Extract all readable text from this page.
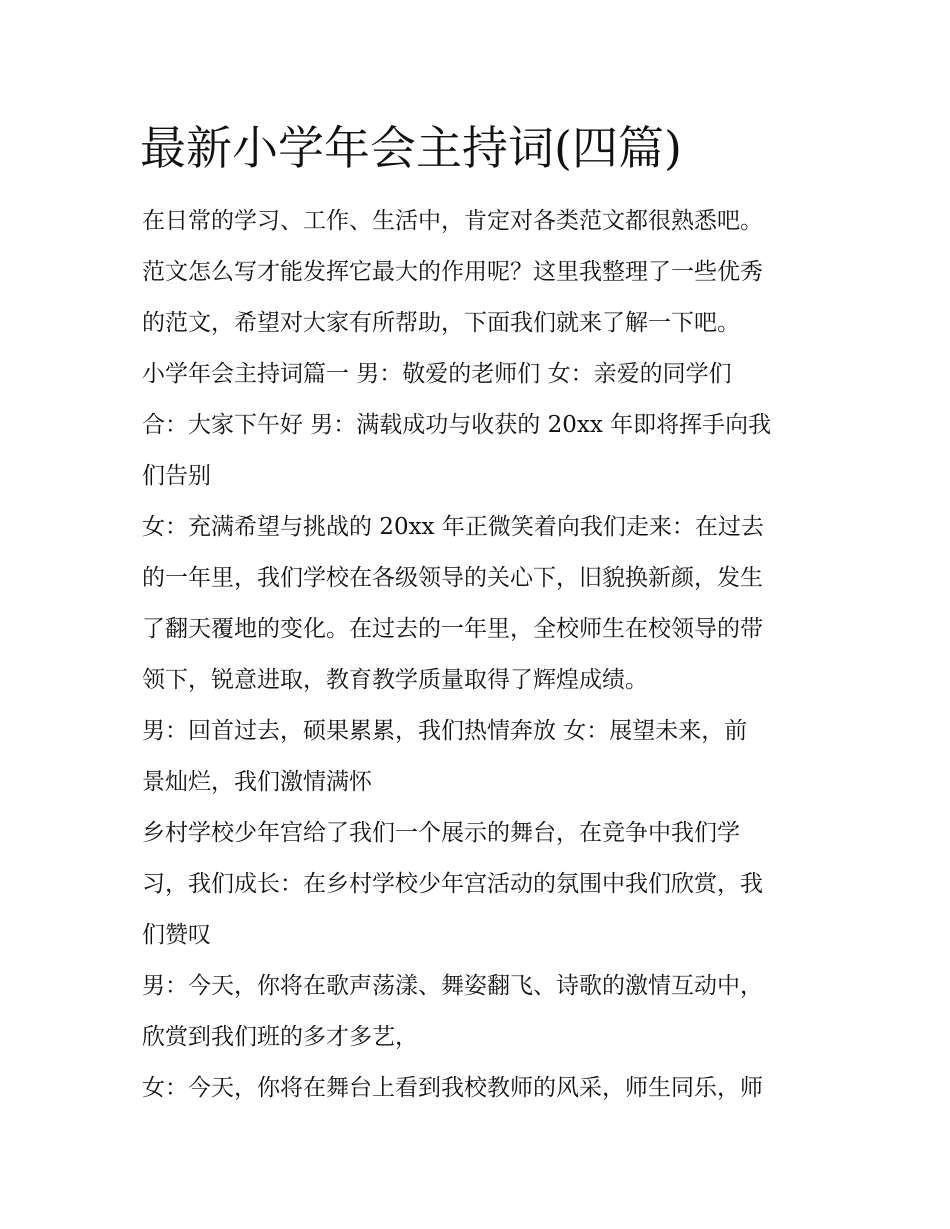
最新小学年会主持词(四篇)
在日常的学习、工作、生活中，肯定对各类范文都很熟悉吧。
范文怎么写才能发挥它最大的作用呢？这里我整理了一些优秀
的范文，希望对大家有所帮助，下面我们就来了解一下吧。
小学年会主持词篇一 男：敬爱的老师们 女：亲爱的同学们
合：大家下午好 男：满载成功与收获的 20xx 年即将挥手向我
们告别
女：充满希望与挑战的 20xx 年正微笑着向我们走来：在过去
的一年里，我们学校在各级领导的关心下，旧貌换新颜，发生
了翻天覆地的变化。在过去的一年里，全校师生在校领导的带
领下，锐意进取，教育教学质量取得了辉煌成绩。
男：回首过去，硕果累累，我们热情奔放 女：展望未来，前
景灿烂，我们激情满怀
乡村学校少年宫给了我们一个展示的舞台，在竞争中我们学
习，我们成长：在乡村学校少年宫活动的氛围中我们欣赏，我
们赞叹
男：今天，你将在歌声荡漾、舞姿翻飞、诗歌的激情互动中，
欣赏到我们班的多才多艺，
女：今天，你将在舞台上看到我校教师的风采，师生同乐，师
